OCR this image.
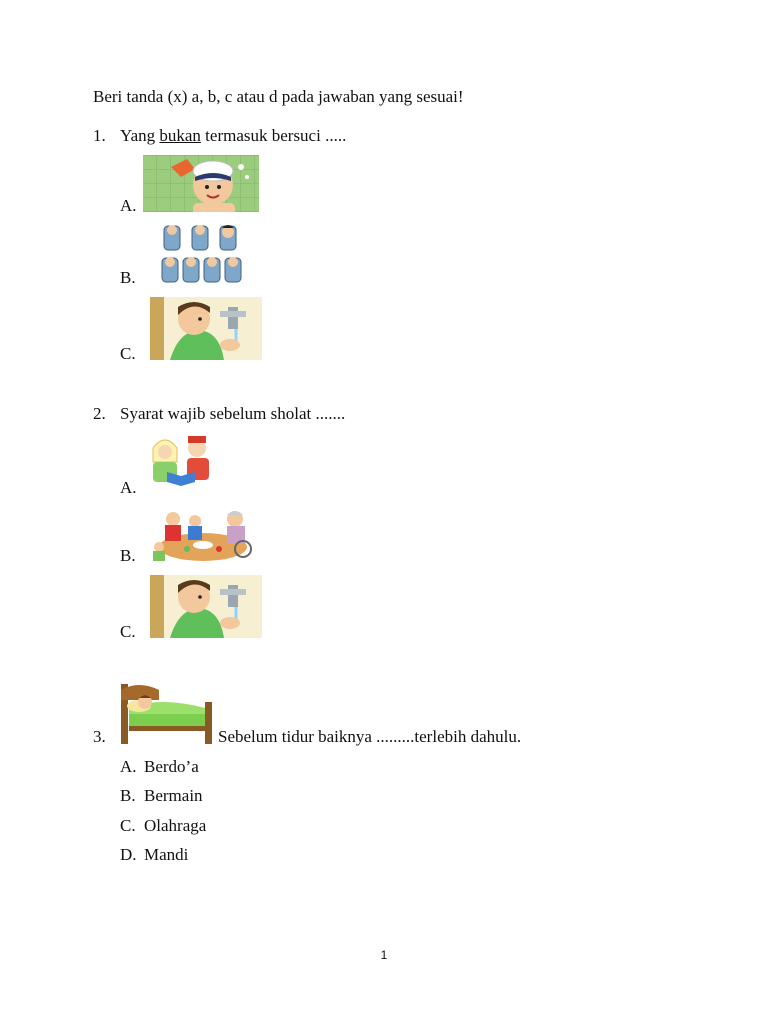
Beri tanda (x) a, b, c atau d pada jawaban yang sesuai!
1. Yang bukan termasuk bersuci .....
A.
B.
C.
2. Syarat wajib sebelum sholat .......
A.
B.
C.
3.	Sebelum tidur baiknya .........terlebih dahulu.
A. Berdo’a
B. Bermain
C. Olahraga
D. Mandi
1
